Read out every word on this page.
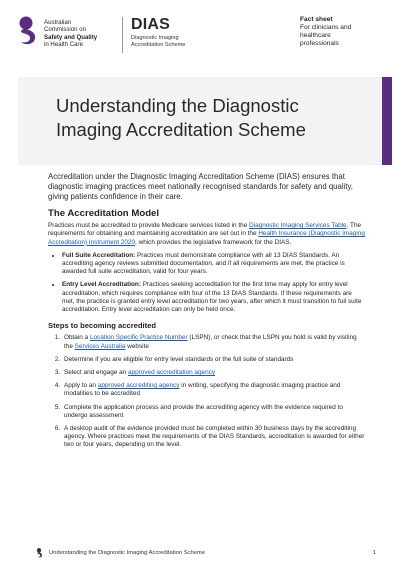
Australian
Commission on
Safety and Quality
in Health Care
DIAS
Diagnostic Imaging
Accreditation Scheme
Fact sheet
For clinicians and
healthcare
professionals
Understanding the Diagnostic Imaging Accreditation Scheme

Accreditation under the Diagnostic Imaging Accreditation Scheme (DIAS) ensures that diagnostic imaging practices meet nationally recognised standards for safety and quality, giving patients confidence in their care.

The Accreditation Model

Practices must be accredited to provide Medicare services listed in the Diagnostic Imaging Services Table. The requirements for obtaining and maintaining accreditation are set out in the Health Insurance (Diagnostic Imaging Accreditation) Instrument 2020, which provides the legislative framework for the DIAS.

• Full Suite Accreditation: Practices must demonstrate compliance with all 13 DIAS Standards. An accrediting agency reviews submitted documentation, and if all requirements are met, the practice is awarded full suite accreditation, valid for four years.
• Entry Level Accreditation: Practices seeking accreditation for the first time may apply for entry level accreditation, which requires compliance with four of the 13 DIAS Standards. If these requirements are met, the practice is granted entry level accreditation for two years, after which it must transition to full suite accreditation. Entry level accreditation can only be held once.
Steps to becoming accredited
1. Obtain a Location Specific Practice Number (LSPN), or check that the LSPN you hold is valid by visiting the Services Australia website
2. Determine if you are eligible for entry level standards or the full suite of standards
3. Select and engage an approved accreditation agency
4. Apply to an approved accrediting agency in writing, specifying the diagnostic imaging practice and modalities to be accredited
5. Complete the application process and provide the accrediting agency with the evidence required to undergo assessment
6. A desktop audit of the evidence provided must be completed within 30 business days by the accrediting agency. Where practices meet the requirements of the DIAS Standards, accreditation is awarded for either two or four years, depending on the level.
Understanding the Diagnostic Imaging Accreditation Scheme	1
